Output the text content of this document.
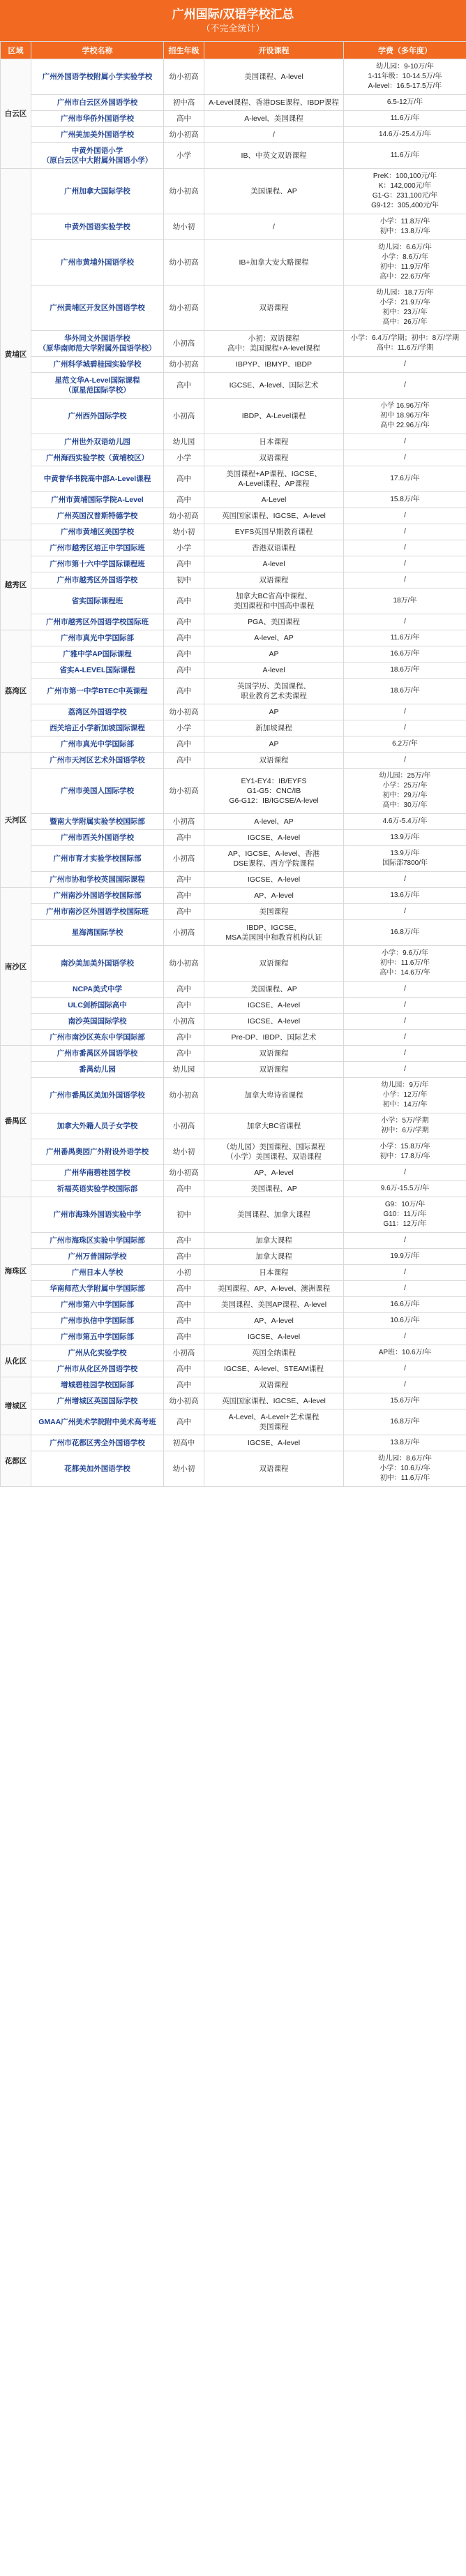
广州国际/双语学校汇总
（不完全统计）
区域	学校名称	招生年级	开设课程	学费（多年度）
白云区	广州外国语学校附属小学实验学校	幼小初高	美国课程、A-level	幼儿园：9-10万/年
1-11年级：10-14.5万/年
A-level：16.5-17.5万/年
	广州市白云区外国语学校	初中高	A-Level课程、香港DSE课程、IBDP课程	6.5-12万/年
	广州市华侨外国语学校	高中	A-level、美国课程	11.6万/年
	广州美加美外国语学校	幼小初高	/	14.6万-25.4万/年
	中黄外国语小学
（原白云区中大附属外国语小学）	小学	IB、中英文双语课程	11.6万/年
黄埔区	广州加拿大国际学校	幼小初高	美国课程、AP	PreK：100,100元/年
K：142,000元/年
G1-G：231,100元/年
G9-12：305,400元/年
	中黄外国语实验学校	幼小初	/	小学：11.8万/年
初中：13.8万/年
	广州市黄埔外国语学校	幼小初高	IB+加拿大安大略课程	幼儿园：6.6万/年
小学：8.6万/年
初中：11.9万/年
高中：22.6万/年
	广州黄埔区开发区外国语学校	幼小初高	双语课程	幼儿园：18.7万/年
小学：21.9万/年
初中：23万/年
高中：26万/年
	华外同文外国语学校
（原华南师范大学附属外国语学校）	小初高	小初：双语课程
高中：美国课程+A-level课程	小学：6.4万/学期；初中：8万/学期
高中：11.6万/学期
	广州科学城碧桂园实验学校	幼小初高	IBPYP、IBMYP、IBDP	/
	星范文华A-Level国际课程
（原星范国际学校）	高中	IGCSE、A-level、国际艺术	/
	广州西外国际学校	小初高	IBDP、A-Level课程	小学 16.96万/年
初中 18.96万/年
高中 22.96万/年
	广州世外双语幼儿园	幼儿园	日本课程	/
	广州海西实验学校（黄埔校区）	小学	双语课程	/
	中黄誉华书院高中部A-Level课程	高中	美国课程+AP课程、IGCSE、
A-Level课程、AP课程	17.6万/年
	广州市黄埔国际学院A-Level	高中	A-Level	15.8万/年
	广州英国汉普斯特德学校	幼小初高	英国国家课程、IGCSE、A-level	/
	广州市黄埔区美国学校	幼小初	EYFS英国早期教育课程	/
越秀区	广州市越秀区培正中学国际班	小学	香港双语课程	/
	广州市第十六中学国际课程班	高中	A-level	/
	广州市越秀区外国语学校	初中	双语课程	/
	省实国际课程班	高中	加拿大BC省高中课程、
美国课程和中国高中课程	18万/年
	广州市越秀区外国语学校国际班	高中	PGA、美国课程	/
荔湾区	广州市真光中学国际部	高中	A-level、AP	11.6万/年
	广雅中学AP国际课程	高中	AP	16.6万/年
	省实A-LEVEL国际课程	高中	A-level	18.6万/年
	广州市第一中学BTEC中英课程	高中	英国学历、美国课程、
职业教育艺术类课程	18.6万/年
	荔湾区外国语学校	幼小初高	AP	/
	西关培正小学新加坡国际课程	小学	新加坡课程	/
	广州市真光中学国际部	高中	AP	6.2万/年
天河区	广州市天河区艺术外国语学校	高中	双语课程	/
	广州市美国人国际学校	幼小初高	EY1-EY4：IB/EYFS
G1-G5：CNC/IB
G6-G12：IB/IGCSE/A-level	幼儿园：25万/年
小学：25万/年
初中：29万/年
高中：30万/年
	暨南大学附属实验学校国际部	小初高	A-level、AP	4.6万-5.4万/年
	广州市西关外国语学校	高中	IGCSE、A-level	13.9万/年
	广州市育才实验学校国际部	小初高	AP、IGCSE、A-level、香港
DSE课程、西方学院课程	13.9万/年
国际部7800/年
	广州市协和学校英国国际课程	高中	IGCSE、A-level	/
南沙区	广州南沙外国语学校国际部	高中	AP、A-level	13.6万/年
	广州市南沙区外国语学校国际班	高中	美国课程	/
	星海湾国际学校	小初高	IBDP、IGCSE、
MSA美国国中和教育机构认证	16.8万/年
	南沙美加美外国语学校	幼小初高	双语课程	小学：9.6万/年
初中：11.6万/年
高中：14.6万/年
	NCPA美式中学	高中	美国课程、AP	/
	ULC剑桥国际高中	高中	IGCSE、A-level	/
	南沙英国国际学校	小初高	IGCSE、A-level	/
	广州市南沙区英东中学国际部	高中	Pre-DP、IBDP、国际艺术	/
番禺区	广州市番禺区外国语学校	高中	双语课程	/
	番禺幼儿园	幼儿园	双语课程	/
	广州市番禺区美加外国语学校	幼小初高	加拿大卑诗省课程	幼儿园：9万/年
小学：12万/年
初中：14万/年
	加拿大外籍人员子女学校	小初高	加拿大BC省课程	小学：5万/学期
初中：6万/学期
	广州番禺奥园广外附设外语学校	幼小初	（幼儿园）美国课程、国际课程
（小学）美国课程、双语课程	小学：15.8万/年
初中：17.8万/年
	广州华南碧桂园学校	幼小初高	AP、A-level	/
	祈福英语实验学校国际部	高中	美国课程、AP	9.6万-15.5万/年
海珠区	广州市海珠外国语实验中学	初中	美国课程、加拿大课程	G9：10万/年
G10：11万/年
G11：12万/年
	广州市海珠区实验中学国际部	高中	加拿大课程	/
	广州万普国际学校	高中	加拿大课程	19.9万/年
	广州日本人学校	小初	日本课程	/
	华南师范大学附属中学国际部	高中	美国课程、AP、A-level、澳洲课程	/
	广州市第六中学国际部	高中	美国课程、美国AP课程、A-level	16.6万/年
	广州市执信中学国际部	高中	AP、A-level	10.6万/年
	广州市第五中学国际部	高中	IGCSE、A-level	/
从化区	广州从化实验学校	小初高	英国全纳课程	AP班：10.6万/年
	广州市从化区外国语学校	高中	IGCSE、A-level、STEAM课程	/
增城区	增城碧桂园学校国际部	高中	双语课程	/
	广州增城区英国国际学校	幼小初高	英国国家课程、IGCSE、A-level	15.6万/年
	GMAA广州美术学院附中美术高考班	高中	A-Level、A-Level+艺术课程
美国课程	16.8万/年
花都区	广州市花都区秀全外国语学校	初高中	IGCSE、A-level	13.8万/年
	花都美加外国语学校	幼小初	双语课程	幼儿园：8.6万/年
小学：10.6万/年
初中：11.6万/年
